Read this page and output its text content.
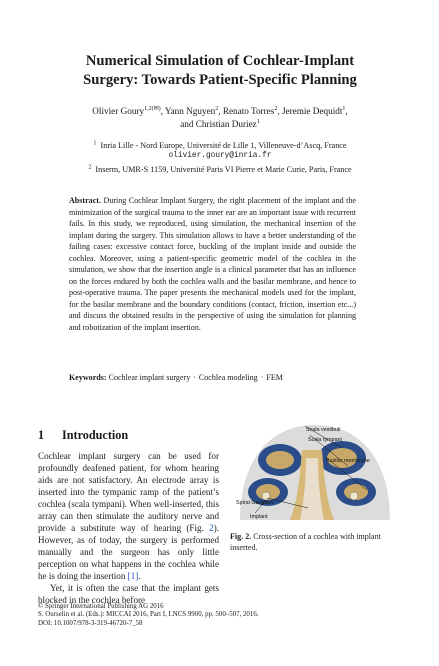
Numerical Simulation of Cochlear-Implant
Surgery: Towards Patient-Specific Planning
Olivier Goury$^{1,2(✉)}$, Yann Nguyen$^2$, Renato Torres$^2$, Jeremie Dequidt$^1$,
and Christian Duriez$^1$
$^1$ Inria Lille - Nord Europe, Université de Lille 1, Villeneuve-d’Ascq, France
olivier.goury@inria.fr
$^2$ Inserm, UMR-S 1159, Université Paris VI Pierre et Marie Curie, Paris, France
Abstract. During Cochlear Implant Surgery, the right placement of the implant and the minimization of the surgical trauma to the inner ear are an important issue with recurrent fails. In this study, we reproduced, using simulation, the mechanical insertion of the implant during the surgery. This simulation allows to have a better understanding of the failing cases: excessive contact force, buckling of the implant inside and outside the cochlea. Moreover, using a patient-specific geometric model of the cochlea in the simulation, we show that the insertion angle is a clinical parameter that has an influence on the forces endured by both the cochlea walls and the basilar membrane, and hence to post-operative trauma. The paper presents the mechanical models used for the implant, for the basilar membrane and the boundary conditions (contact, friction, insertion etc...) and discuss the obtained results in the perspective of using the simulation for planning and robotization of the implant insertion.
Keywords: Cochlear implant surgery · Cochlea modeling · FEM
1 Introduction

Cochlear implant surgery can be used for profoundly deafened patient, for whom hearing aids are not satisfactory. An electrode array is inserted into the tympanic ramp of the patient’s cochlea (scala tympani). When well-inserted, this array can then stimulate the auditory nerve and provide a substitute way of hearing (Fig. 2). However, as of today, the surgery is performed manually and the surgeon has only little perception on what happens in the cochlea while he is doing the insertion [1].

Yet, it is often the case that the implant gets blocked in the cochlea before

Scala vestibuli
Scala tympani
Basilar membrane
Spiral Ganglion
Implant
Fig. 2. Cross-section of a cochlea with implant inserted.
© Springer International Publishing AG 2016
S. Ourselin et al. (Eds.): MICCAI 2016, Part I, LNCS 9900, pp. 500–507, 2016.
DOI: 10.1007/978-3-319-46720-7_58
